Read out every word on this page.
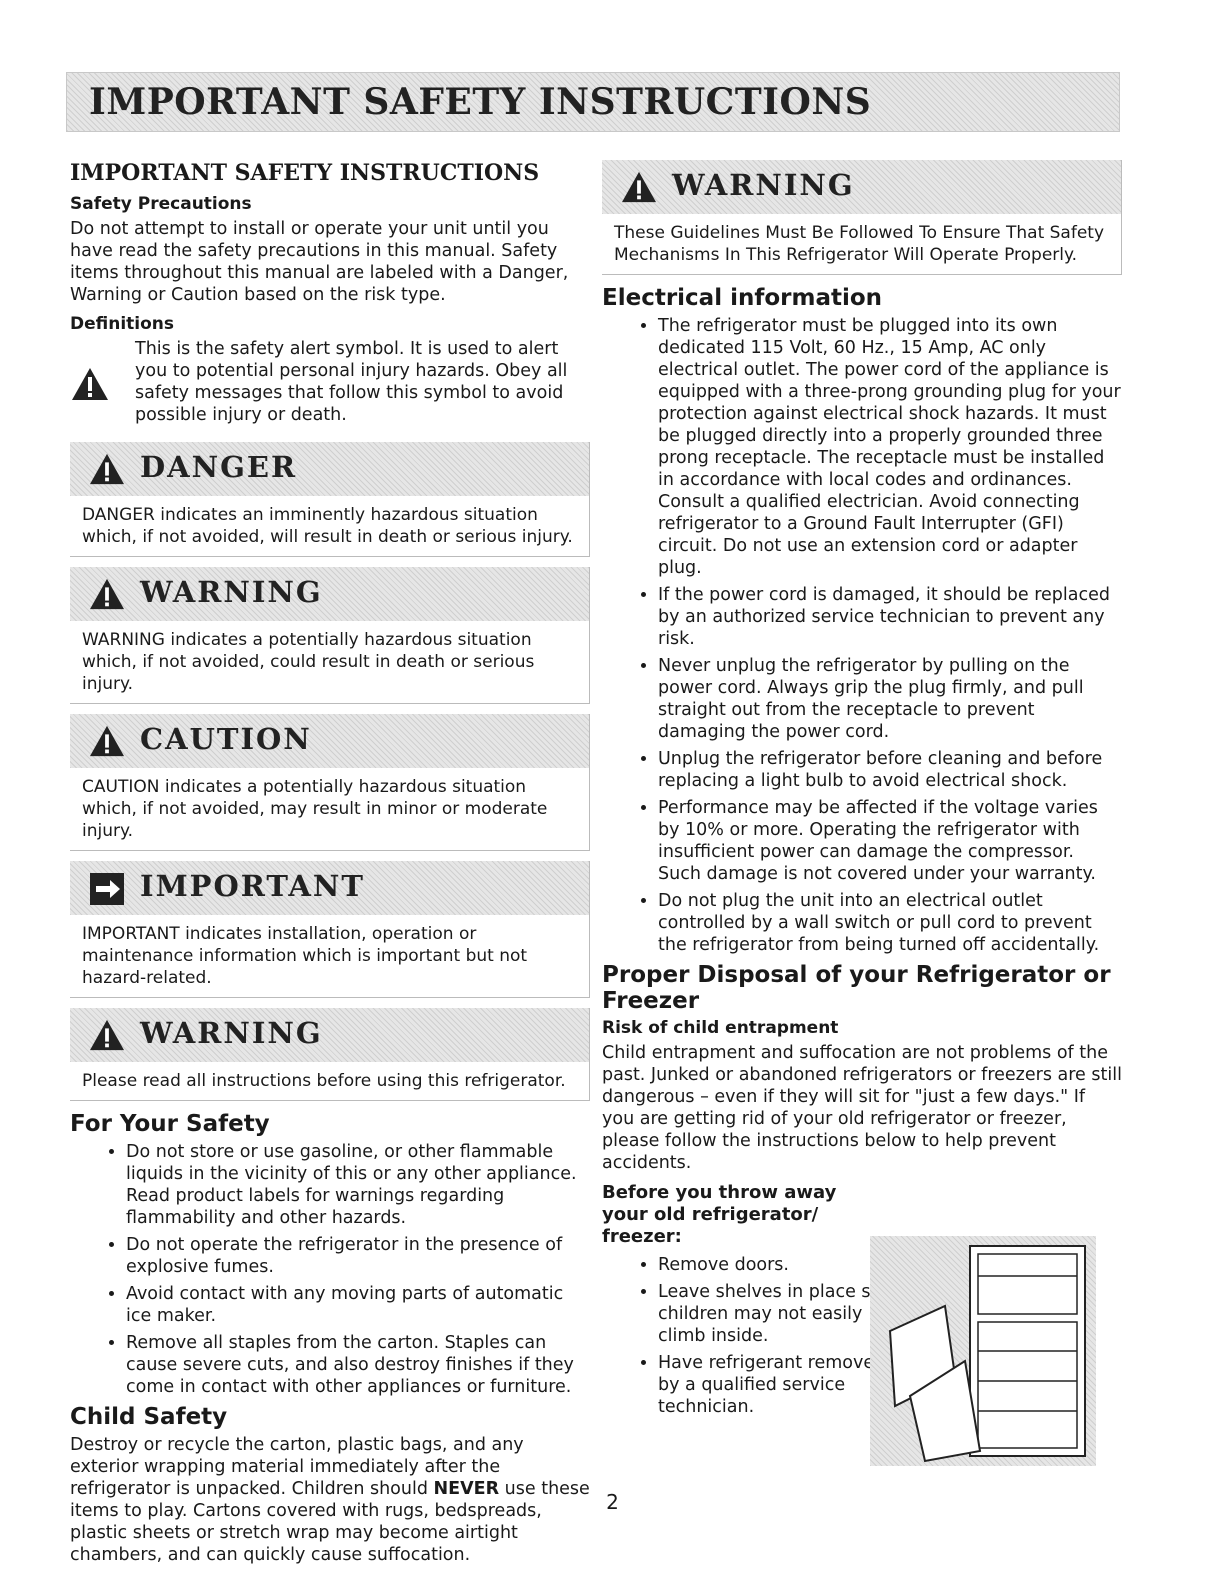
IMPORTANT SAFETY INSTRUCTIONS
IMPORTANT SAFETY INSTRUCTIONS
Safety Precautions

Do not attempt to install or operate your unit until you have read the safety precautions in this manual. Safety items throughout this manual are labeled with a Danger, Warning or Caution based on the risk type.

Definitions

This is the safety alert symbol. It is used to alert you to potential personal injury hazards. Obey all safety messages that follow this symbol to avoid possible injury or death.

DANGER
DANGER indicates an imminently hazardous situation which, if not avoided, will result in death or serious injury.
WARNING
WARNING indicates a potentially hazardous situation which, if not avoided, could result in death or serious injury.
CAUTION
CAUTION indicates a potentially hazardous situation which, if not avoided, may result in minor or moderate injury.
IMPORTANT
IMPORTANT indicates installation, operation or maintenance information which is important but not hazard-related.
WARNING
Please read all instructions before using this refrigerator.
For Your Safety
• Do not store or use gasoline, or other flammable liquids in the vicinity of this or any other appliance. Read product labels for warnings regarding flammability and other hazards.
• Do not operate the refrigerator in the presence of explosive fumes.
• Avoid contact with any moving parts of automatic ice maker.
• Remove all staples from the carton. Staples can cause severe cuts, and also destroy finishes if they come in contact with other appliances or furniture.
Child Safety

Destroy or recycle the carton, plastic bags, and any exterior wrapping material immediately after the refrigerator is unpacked. Children should NEVER use these items to play. Cartons covered with rugs, bedspreads, plastic sheets or stretch wrap may become airtight chambers, and can quickly cause suffocation.

WARNING
These Guidelines Must Be Followed To Ensure That Safety Mechanisms In This Refrigerator Will Operate Properly.
Electrical information
• The refrigerator must be plugged into its own dedicated 115 Volt, 60 Hz., 15 Amp, AC only electrical outlet. The power cord of the appliance is equipped with a three-prong grounding plug for your protection against electrical shock hazards. It must be plugged directly into a properly grounded three prong receptacle. The receptacle must be installed in accordance with local codes and ordinances. Consult a qualified electrician. Avoid connecting refrigerator to a Ground Fault Interrupter (GFI) circuit. Do not use an extension cord or adapter plug.
• If the power cord is damaged, it should be replaced by an authorized service technician to prevent any risk.
• Never unplug the refrigerator by pulling on the power cord. Always grip the plug firmly, and pull straight out from the receptacle to prevent damaging the power cord.
• Unplug the refrigerator before cleaning and before replacing a light bulb to avoid electrical shock.
• Performance may be affected if the voltage varies by 10% or more. Operating the refrigerator with insufficient power can damage the compressor. Such damage is not covered under your warranty.
• Do not plug the unit into an electrical outlet controlled by a wall switch or pull cord to prevent the refrigerator from being turned off accidentally.
Proper Disposal of your Refrigerator or Freezer
Risk of child entrapment

Child entrapment and suffocation are not problems of the past. Junked or abandoned refrigerators or freezers are still dangerous – even if they will sit for "just a few days." If you are getting rid of your old refrigerator or freezer, please follow the instructions below to help prevent accidents.

Before you throw away your old refrigerator/ freezer:
• Remove doors.
• Leave shelves in place so children may not easily climb inside.
• Have refrigerant removed by a qualified service technician.
2
